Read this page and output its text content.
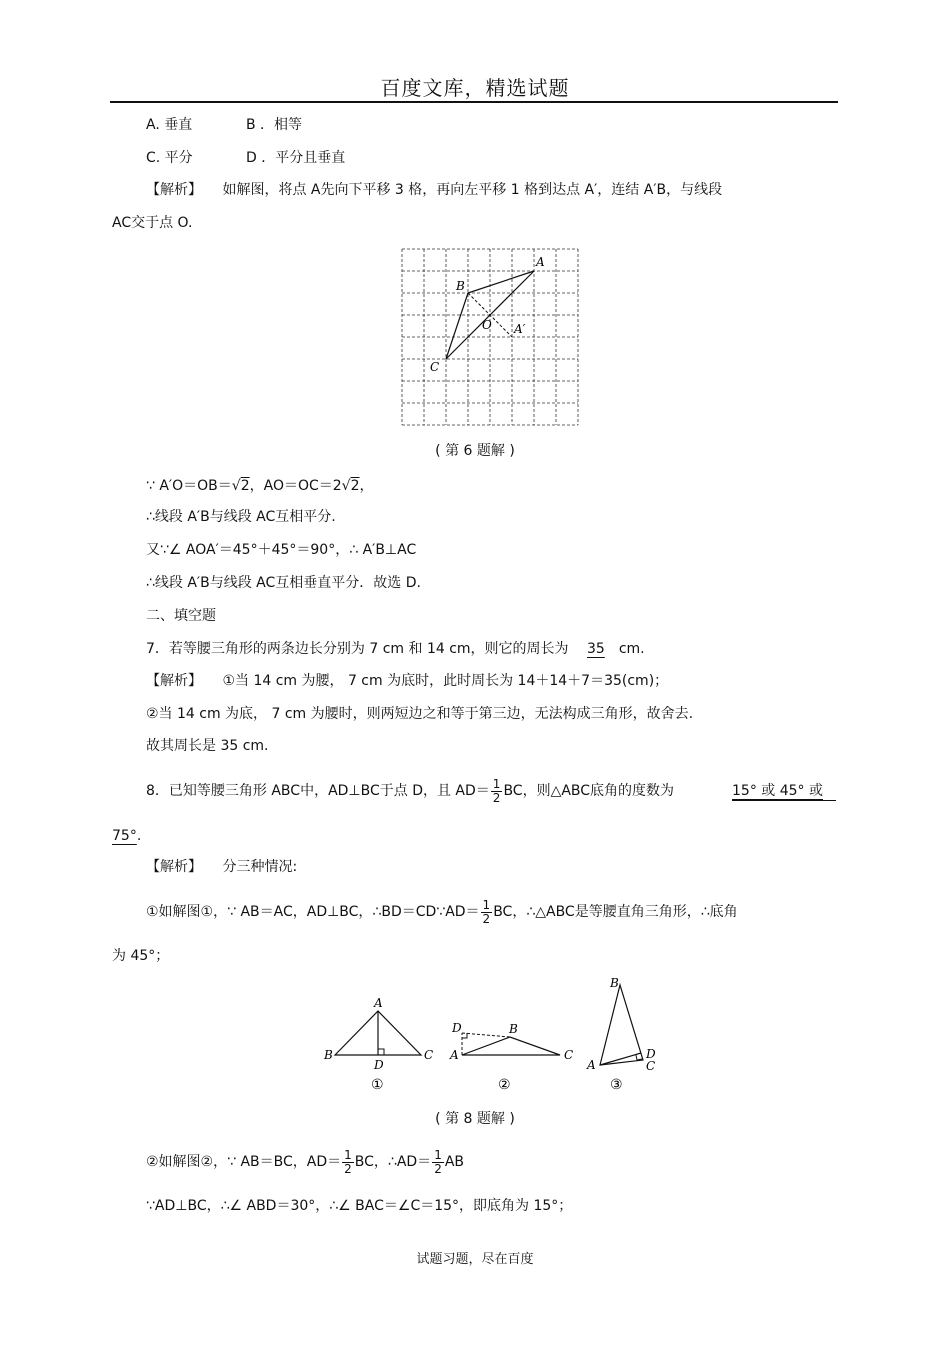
百度文库，精选试题
A. 垂直	B ．相等
C. 平分	D ．平分且垂直
【解析】 如解图，将点 A先向下平移 3 格，再向左平移 1 格到达点 A′，连结 A′B，与线段
AC交于点 O.
A
B
C
O A′
( 第 6 题解 )
∵ A′O＝OB＝√2，AO＝OC＝2√2，
∴线段 A′B与线段 AC互相平分.
又∵∠ AOA′＝45°＋45°＝90°，∴ A′B⊥AC
∴线段 A′B与线段 AC互相垂直平分．故选 D.
二、填空题
7．若等腰三角形的两条边长分别为 7 cm 和 14 cm，则它的周长为 35 cm.
【解析】 ①当 14 cm 为腰， 7 cm 为底时，此时周长为 14＋14＋7＝35(cm)；
②当 14 cm 为底， 7 cm 为腰时，则两短边之和等于第三边，无法构成三角形，故舍去.
故其周长是 35 cm.
8．已知等腰三角形 ABC中，AD⊥BC于点 D，且 $AD= \frac{1}{2}$ BC，则△ABC底角的度数为	15° 或 45° 或
75°.
【解析】 分三种情况:
①如解图①，∵ AB＝AC，AD⊥BC，∴BD＝CD∵AD＝ $\frac{1}{2}$ BC，∴△ABC是等腰直角三角形，∴底角
为 45°；
A
B	C
D
①
D	B
A	C
②
B
A
D
C
③
( 第 8 题解 )
②如解图②，∵ AB＝BC，$AD= \frac{1}{2}$ BC，∴AD＝ $\frac{1}{2}$ AB
∵AD⊥BC，∴∠ ABD＝30°，∴∠ BAC＝∠C＝15°，即底角为 15°；
试题习题，尽在百度
